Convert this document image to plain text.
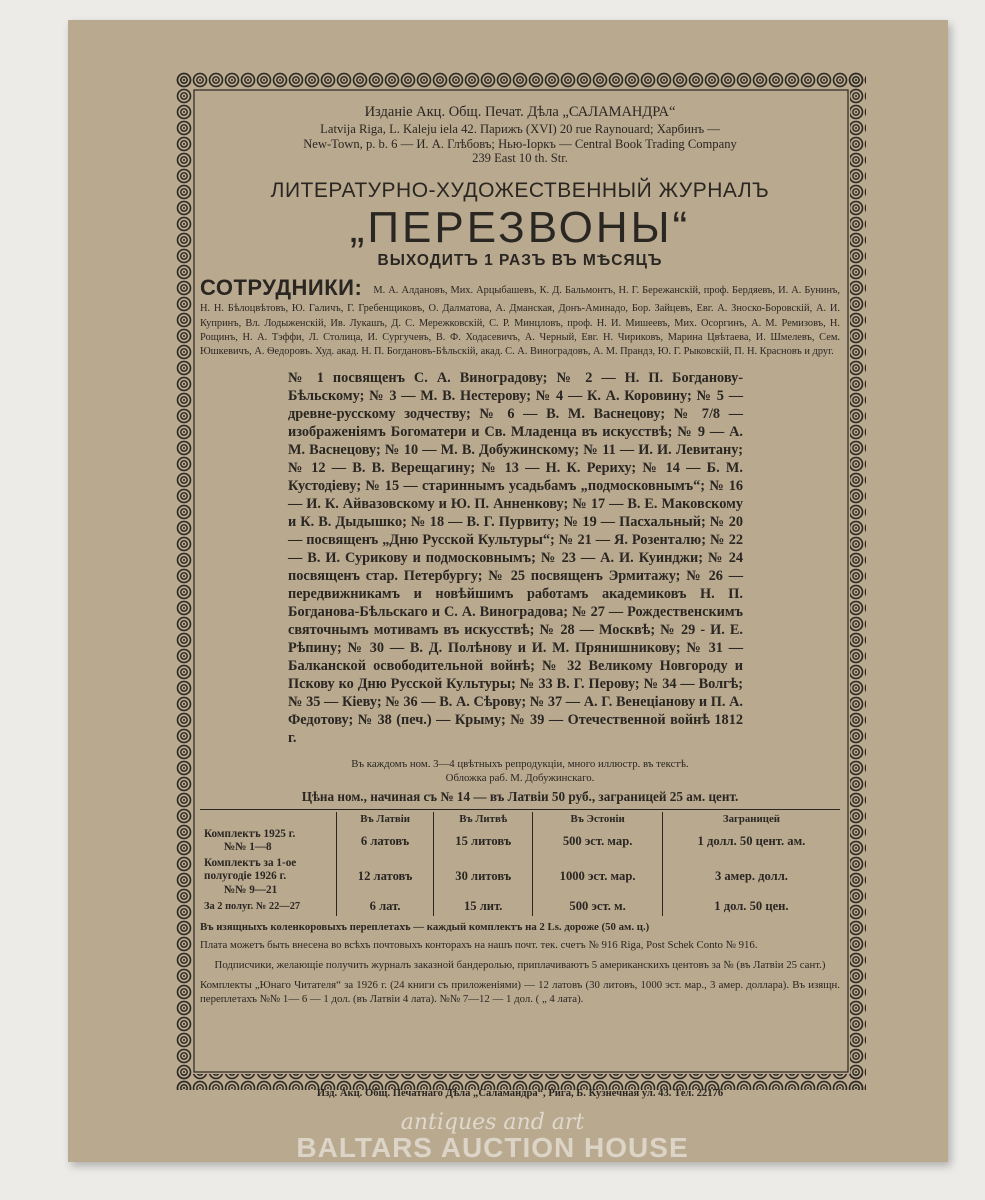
Изданіе Акц. Общ. Печат. Дѣла „САЛАМАНДРА“
Latvija Riga, L. Kaleju iela 42. Парижъ (XVI) 20 rue Raynouard; Харбинъ —
New-Town, p. b. 6 — И. А. Глѣбовъ; Нью-Іоркъ — Central Book Trading Company
239 East 10 th. Str.
ЛИТЕРАТУРНО-ХУДОЖЕСТВЕННЫЙ ЖУРНАЛЪ
„ПЕРЕЗВОНЫ“
ВЫХОДИТЪ 1 РАЗЪ ВЪ МѢСЯЦЪ
СОТРУДНИКИ: М. А. Алдановъ, Мих. Арцыбашевъ, К. Д. Бальмонтъ, Н. Г. Бережанскій, проф. Бердяевъ, И. А. Бунинъ, Н. Н. Бѣлоцвѣтовъ, Ю. Галичъ, Г. Гребенщиковъ, О. Далматова, А. Дманская, Донъ-Аминадо, Бор. Зайцевъ, Евг. А. Зноско-Боровскій, А. И. Купринъ, Вл. Лодыженскій, Ив. Лукашъ, Д. С. Мережковскій, С. Р. Минцловъ, проф. Н. И. Мишеевъ, Мих. Осоргинъ, А. М. Ремизовъ, Н. Рощинъ, Н. А. Тэффи, Л. Столица, И. Сургучевъ, В. Ф. Ходасевичъ, А. Черный, Евг. Н. Чириковъ, Марина Цвѣтаева, И. Шмелевъ, Сем. Юшкевичъ, А. Ѳедоровъ. Худ. акад. Н. П. Богдановъ-Бѣльскій, акад. С. А. Виноградовъ, А. М. Прандз, Ю. Г. Рыковскій, П. Н. Красновъ и друг.
№ 1 посвященъ С. А. Виноградову; № 2 — Н. П. Богданову-Бѣльскому; № 3 — М. В. Нестерову; № 4 — К. А. Коровину; № 5 — древне-русскому зодчеству; № 6 — В. М. Васнецову; № 7/8 — изображеніямъ Богоматери и Св. Младенца въ искусствѣ; № 9 — А. М. Васнецову; № 10 — М. В. Добужинскому; № 11 — И. И. Левитану; № 12 — В. В. Верещагину; № 13 — Н. К. Рериху; № 14 — Б. М. Кустодіеву; № 15 — стариннымъ усадьбамъ „подмосковнымъ“; № 16 — И. К. Айвазовскому и Ю. П. Анненкову; № 17 — В. Е. Маковскому и К. В. Дыдышко; № 18 — В. Г. Пурвиту; № 19 — Пасхальный; № 20 — посвященъ „Дню Русской Культуры“; № 21 — Я. Розенталю; № 22 — В. И. Сурикову и подмосковнымъ; № 23 — А. И. Куинджи; № 24 посвященъ стар. Петербургу; № 25 посвященъ Эрмитажу; № 26 — передвижникамъ и новѣйшимъ работамъ академиковъ Н. П. Богданова-Бѣльскаго и С. А. Виноградова; № 27 — Рождественскимъ святочнымъ мотивамъ въ искусствѣ; № 28 — Москвѣ; № 29 - И. Е. Рѣпину; № 30 — В. Д. Полѣнову и И. М. Прянишникову; № 31 — Балканской освободительной войнѣ; № 32 Великому Новгороду и Пскову ко Дню Русской Культуры; № 33 В. Г. Перову; № 34 — Волгѣ; № 35 — Кіеву; № 36 — В. А. Сѣрову; № 37 — А. Г. Венеціанову и П. А. Федотову; № 38 (печ.) — Крыму; № 39 — Отечественной войнѣ 1812 г.
Въ каждомъ ном. 3—4 цвѣтныхъ репродукціи, много иллюстр. въ текстѣ.
Обложка раб. М. Добужинскаго.
Цѣна ном., начиная съ № 14 — въ Латвіи 50 руб., заграницей 25 ам. цент.
	Въ Латвіи	Въ Литвѣ	Въ Эстоніи	Заграницей

Комплектъ 1925 г.
№№ 1—8	6 латовъ	15 литовъ	500 эст. мар.	1 долл. 50 цент. ам.

Комплектъ за 1-ое полугодіе 1926 г.
№№ 9—21	12 латовъ	30 литовъ	1000 эст. мар.	3 амер. долл.

За 2 полуг. № 22—27	6 лат.	15 лит.	500 эст. м.	1 дол. 50 цен.
Въ изящныхъ коленкоровыхъ переплетахъ — каждый комплектъ на 2 Ls. дороже (50 ам. ц.)
Плата можетъ быть внесена во всѣхъ почтовыхъ конторахъ на нашъ почт. тек. счетъ № 916 Riga, Post Schek Conto № 916.
Подписчики, желающіе получить журналъ заказной бандеролью, приплачиваютъ 5 американскихъ центовъ за № (въ Латвіи 25 сант.)
Комплекты „Юнаго Читателя“ за 1926 г. (24 книги съ приложеніями) — 12 латовъ (30 литовъ, 1000 эст. мар., 3 амер. доллара). Въ изящн. переплетахъ №№ 1— 6 — 1 дол. (въ Латвіи 4 лата). №№ 7—12 — 1 дол. ( „ 4 лата).
Изд. Акц. Общ. Печатнаго Дѣла „Саламандра“, Рига, Б. Кузнечная ул. 43. Тел. 22176
antiques and art
BALTARS AUCTION HOUSE
